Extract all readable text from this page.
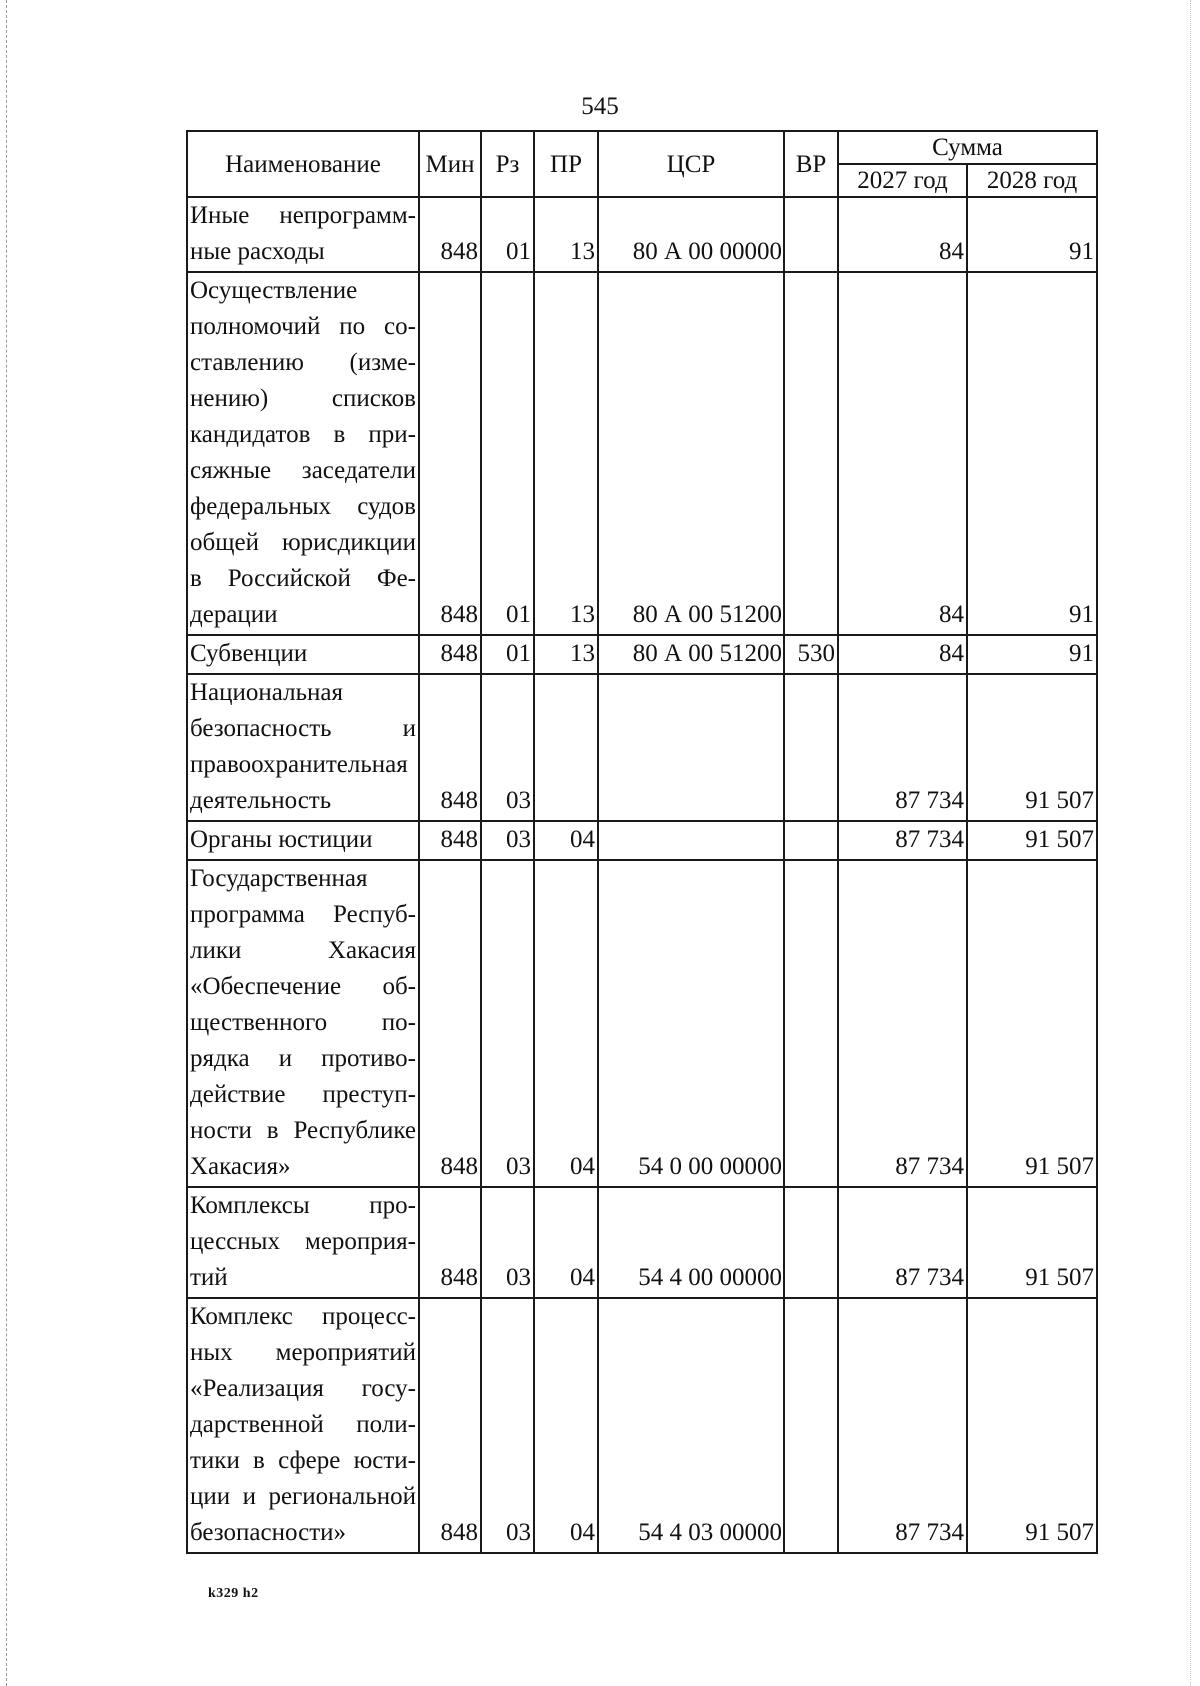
545
Наименование	Мин	Рз	ПР	ЦСР	ВР	Сумма	
						2027 год	2028 год
Иные непрограммные расходы	848	01	13	80 А 00 00000		84	91
Осуществление полномочий по составлению (изменению) списков кандидатов в присяжные заседатели федеральных судов общей юрисдикции в Российской Федерации	848	01	13	80 А 00 51200		84	91
Субвенции	848	01	13	80 А 00 51200	530	84	91
Национальная безопасность и правоохранительная деятельность	848	03				87 734	91 507
Органы юстиции	848	03	04			87 734	91 507
Государственная программа Республики Хакасия «Обеспечение общественного порядка и противодействие преступности в Республике Хакасия»	848	03	04	54 0 00 00000		87 734	91 507
Комплексы процессных мероприятий	848	03	04	54 4 00 00000		87 734	91 507
Комплекс процессных мероприятий «Реализация государственной политики в сфере юстиции и региональной безопасности»	848	03	04	54 4 03 00000		87 734	91 507
k329 h2
